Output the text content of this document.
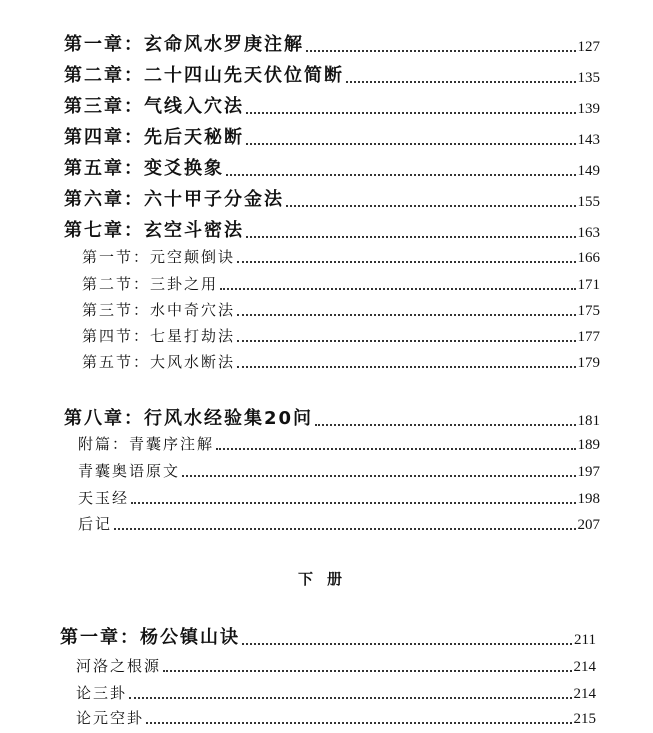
第一章：玄命风水罗庚注解	127
第二章：二十四山先天伏位简断	135
第三章：气线入穴法	139
第四章：先后天秘断	143
第五章：变爻换象	149
第六章：六十甲子分金法	155
第七章：玄空斗密法	163
第一节：元空颠倒诀	166
第二节：三卦之用	171
第三节：水中奇穴法	175
第四节：七星打劫法	177
第五节：大风水断法	179
第八章：行风水经验集20问	181
附篇：青囊序注解	189
青囊奥语原文	197
天玉经	198
后记	207
下册
第一章：杨公镇山诀	211
河洛之根源	214
论三卦	214
论元空卦	215
